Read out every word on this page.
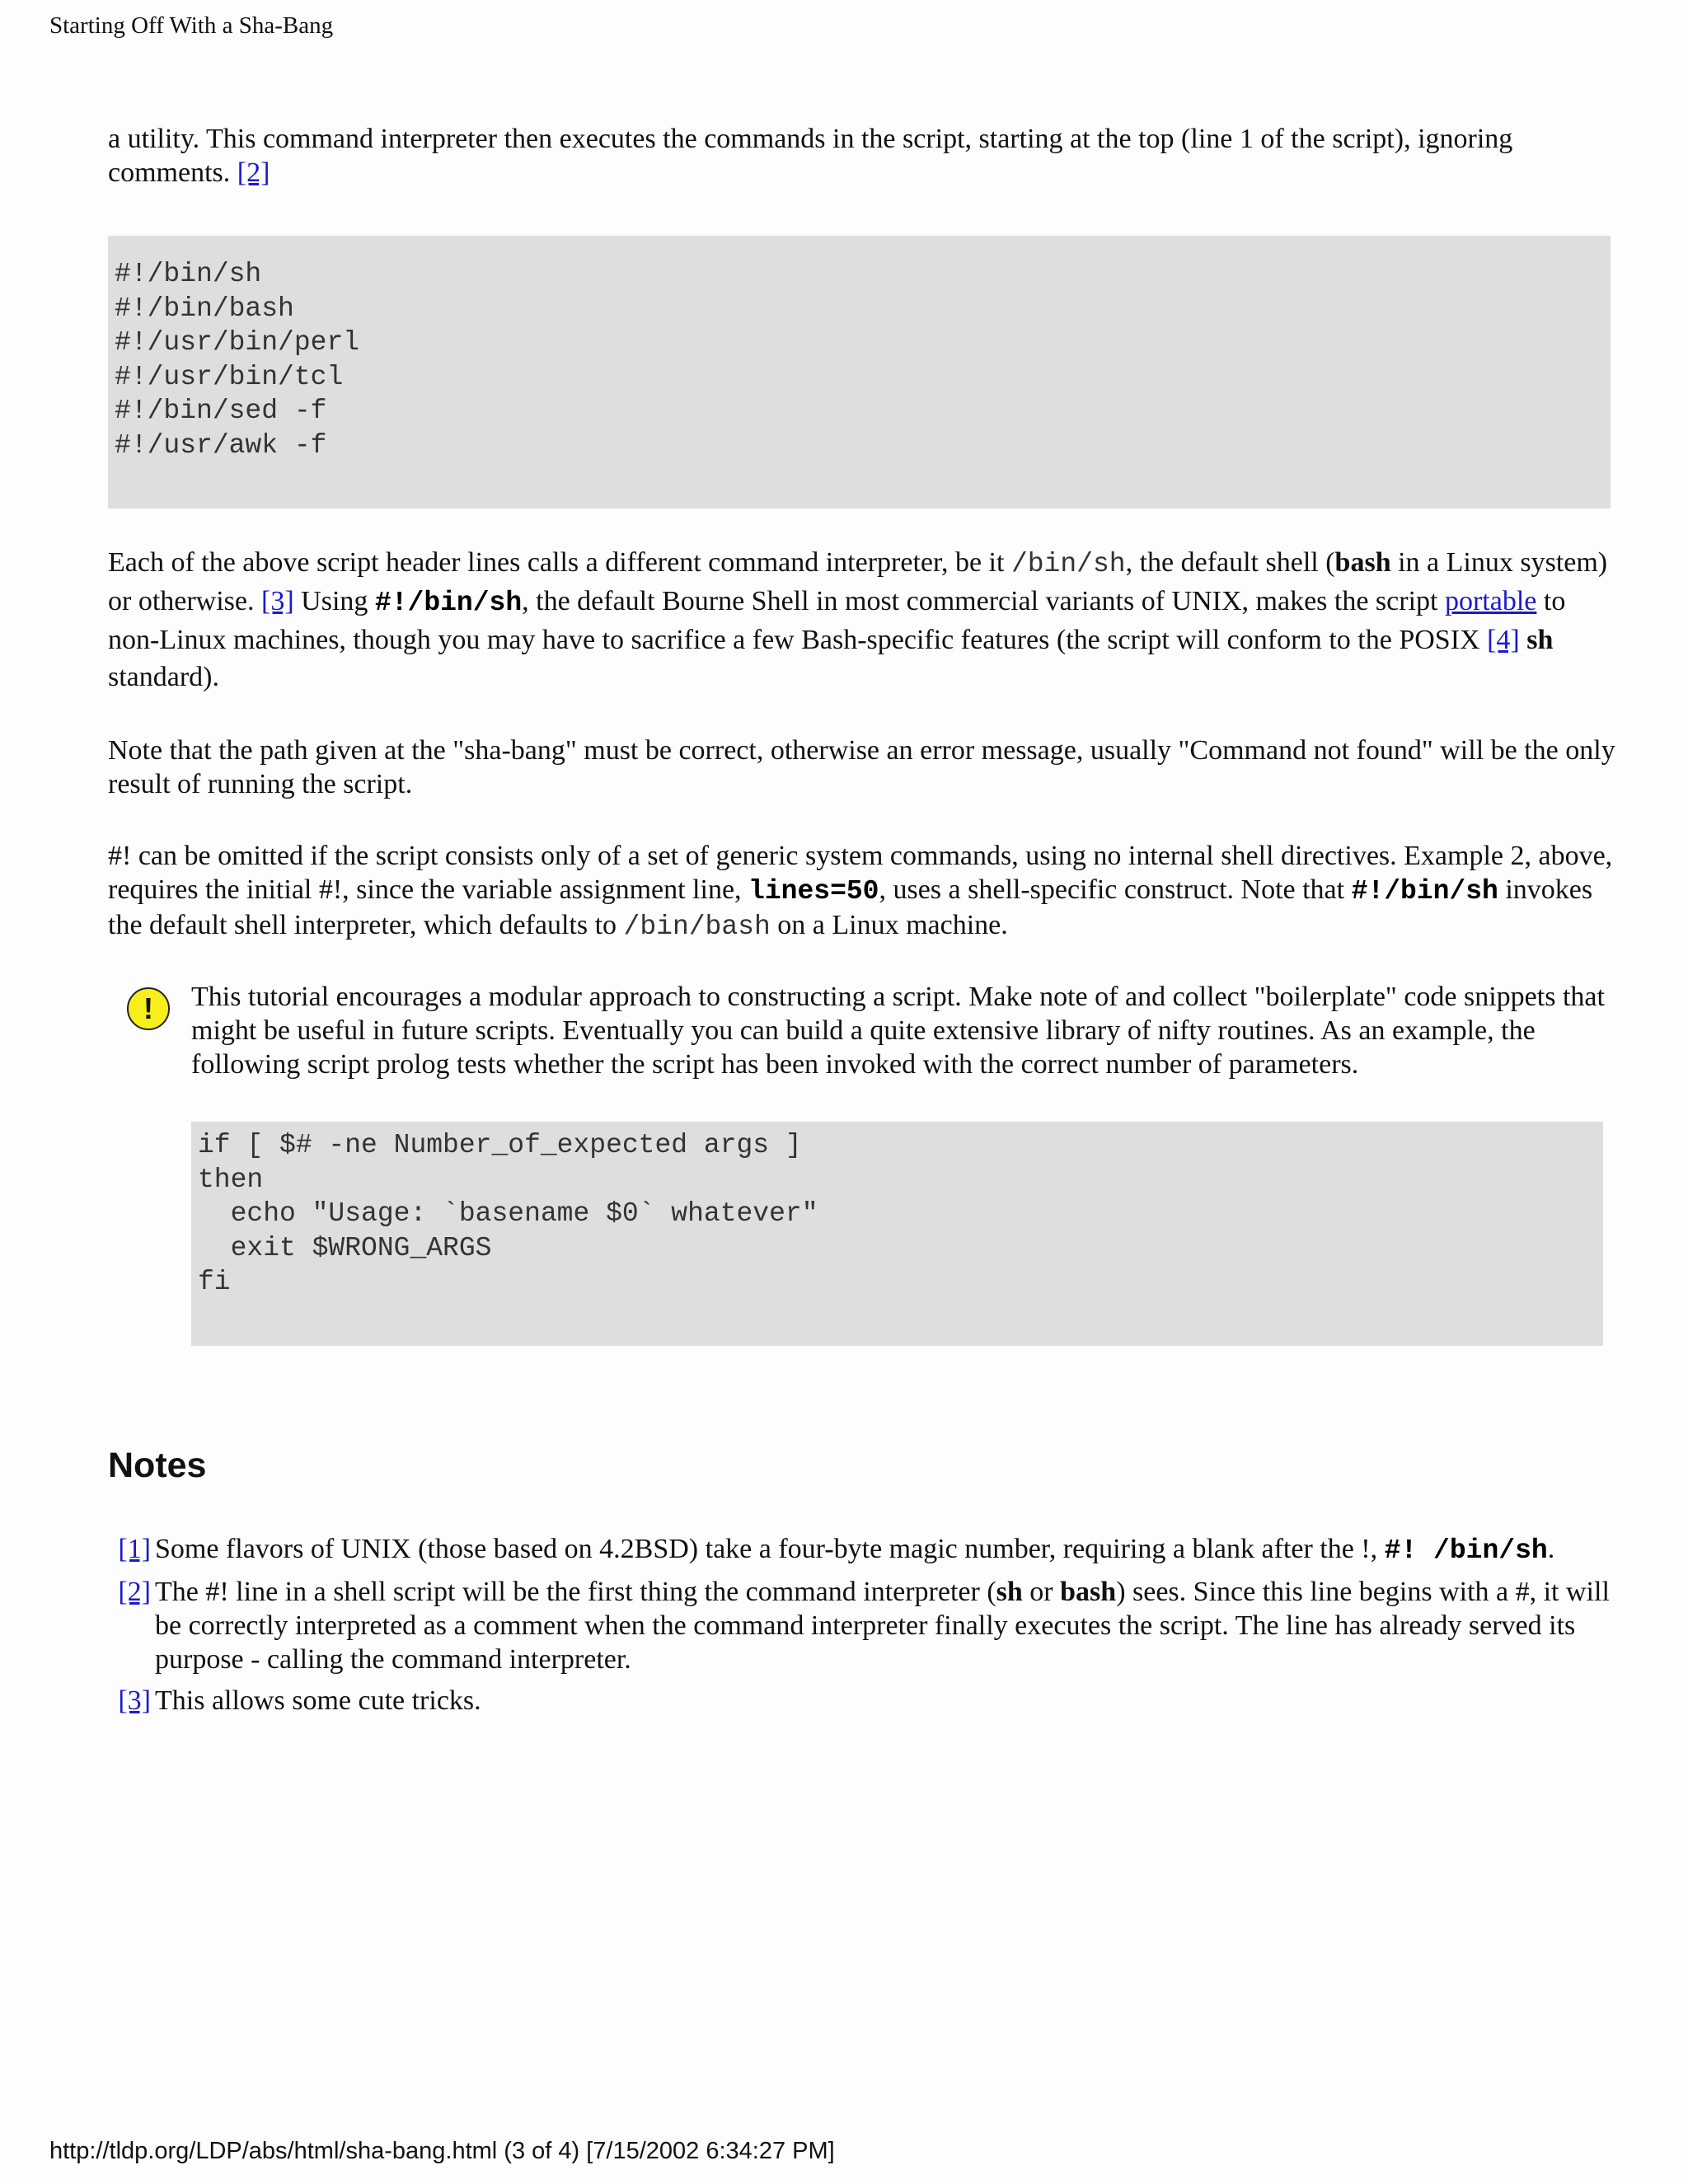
Starting Off With a Sha-Bang

a utility. This command interpreter then executes the commands in the script, starting at the top (line 1 of the script), ignoring comments. [2]

#!/bin/sh
#!/bin/bash
#!/usr/bin/perl
#!/usr/bin/tcl
#!/bin/sed -f
#!/usr/awk -f

Each of the above script header lines calls a different command interpreter, be it /bin/sh, the default shell (bash in a Linux system) or otherwise. [3] Using #!/bin/sh, the default Bourne Shell in most commercial variants of UNIX, makes the script portable to non-Linux machines, though you may have to sacrifice a few Bash-specific features (the script will conform to the POSIX [4] sh standard).

Note that the path given at the "sha-bang" must be correct, otherwise an error message, usually "Command not found" will be the only result of running the script.

#! can be omitted if the script consists only of a set of generic system commands, using no internal shell directives. Example 2, above, requires the initial #!, since the variable assignment line, lines=50, uses a shell-specific construct. Note that #!/bin/sh invokes the default shell interpreter, which defaults to /bin/bash on a Linux machine.

!	This tutorial encourages a modular approach to constructing a script. Make note of and collect "boilerplate" code snippets that might be useful in future scripts. Eventually you can build a quite extensive library of nifty routines. As an example, the following script prolog tests whether the script has been invoked with the correct number of parameters.

if [ $# -ne Number_of_expected args ]
then
echo "Usage: `basename $0` whatever"
exit $WRONG_ARGS
fi
Notes
[1] Some flavors of UNIX (those based on 4.2BSD) take a four-byte magic number, requiring a blank after the !, #! /bin/sh.
[2] The #! line in a shell script will be the first thing the command interpreter (sh or bash) sees. Since this line begins with a #, it will be correctly interpreted as a comment when the command interpreter finally executes the script. The line has already served its purpose - calling the command interpreter.
[3] This allows some cute tricks.
http://tldp.org/LDP/abs/html/sha-bang.html (3 of 4) [7/15/2002 6:34:27 PM]
